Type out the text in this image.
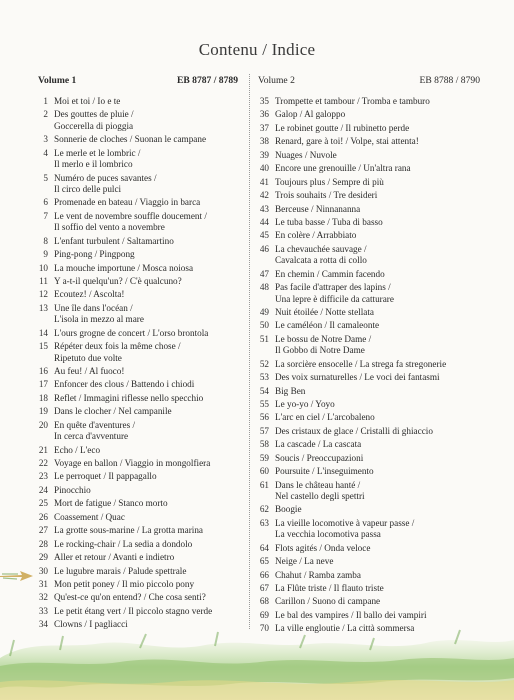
Contenu / Indice
Volume 1	EB 8787 / 8789
1 Moi et toi / Io e te
2 Des gouttes de pluie /
Goccerella di pioggia
3 Sonnerie de cloches / Suonan le campane
4 Le merle et le lombric /
Il merlo e il lombrico
5 Numéro de puces savantes /
Il circo delle pulci
6 Promenade en bateau / Viaggio in barca
7 Le vent de novembre souffle doucement /
Il soffio del vento a novembre
8 L'enfant turbulent / Saltamartino
9 Ping-pong / Pingpong
10 La mouche importune / Mosca noiosa
11 Y a-t-il quelqu'un? / C'è qualcuno?
12 Ecoutez! / Ascolta!
13 Une île dans l'océan /
L'isola in mezzo al mare
14 L'ours grogne de concert / L'orso brontola
15 Répéter deux fois la même chose /
Ripetuto due volte
16 Au feu! / Al fuoco!
17 Enfoncer des clous / Battendo i chiodi
18 Reflet / Immagini riflesse nello specchio
19 Dans le clocher / Nel campanile
20 En quête d'aventures /
In cerca d'avventure
21 Echo / L'eco
22 Voyage en ballon / Viaggio in mongolfiera
23 Le perroquet / Il pappagallo
24 Pinocchio
25 Mort de fatigue / Stanco morto
26 Coassement / Quac
27 La grotte sous-marine / La grotta marina
28 Le rocking-chair / La sedia a dondolo
29 Aller et retour / Avanti e indietro
30 Le lugubre marais / Palude spettrale
31 Mon petit poney / Il mio piccolo pony
32 Qu'est-ce qu'on entend? / Che cosa senti?
33 Le petit étang vert / Il piccolo stagno verde
34 Clowns / I pagliacci
Volume 2	EB 8788 / 8790
35 Trompette et tambour / Tromba e tamburo
36 Galop / Al galoppo
37 Le robinet goutte / Il rubinetto perde
38 Renard, gare à toi! / Volpe, stai attenta!
39 Nuages / Nuvole
40 Encore une grenouille / Un'altra rana
41 Toujours plus / Sempre di più
42 Trois souhaits / Tre desideri
43 Berceuse / Ninnananna
44 Le tuba basse / Tuba di basso
45 En colère / Arrabbiato
46 La chevauchée sauvage /
Cavalcata a rotta di collo
47 En chemin / Cammin facendo
48 Pas facile d'attraper des lapins /
Una lepre è difficile da catturare
49 Nuit étoilée / Notte stellata
50 Le caméléon / Il camaleonte
51 Le bossu de Notre Dame /
Il Gobbo di Notre Dame
52 La sorcière ensocelle / La strega fa stregonerie
53 Des voix surnaturelles / Le voci dei fantasmi
54 Big Ben
55 Le yo-yo / Yoyo
56 L'arc en ciel / L'arcobaleno
57 Des cristaux de glace / Cristalli di ghiaccio
58 La cascade / La cascata
59 Soucis / Preoccupazioni
60 Poursuite / L'inseguimento
61 Dans le château hanté /
Nel castello degli spettri
62 Boogie
63 La vieille locomotive à vapeur passe /
La vecchia locomotiva passa
64 Flots agités / Onda veloce
65 Neige / La neve
66 Chahut / Ramba zamba
67 La Flûte triste / Il flauto triste
68 Carillon / Suono di campane
69 Le bal des vampires / Il ballo dei vampiri
70 La ville engloutie / La città sommersa
